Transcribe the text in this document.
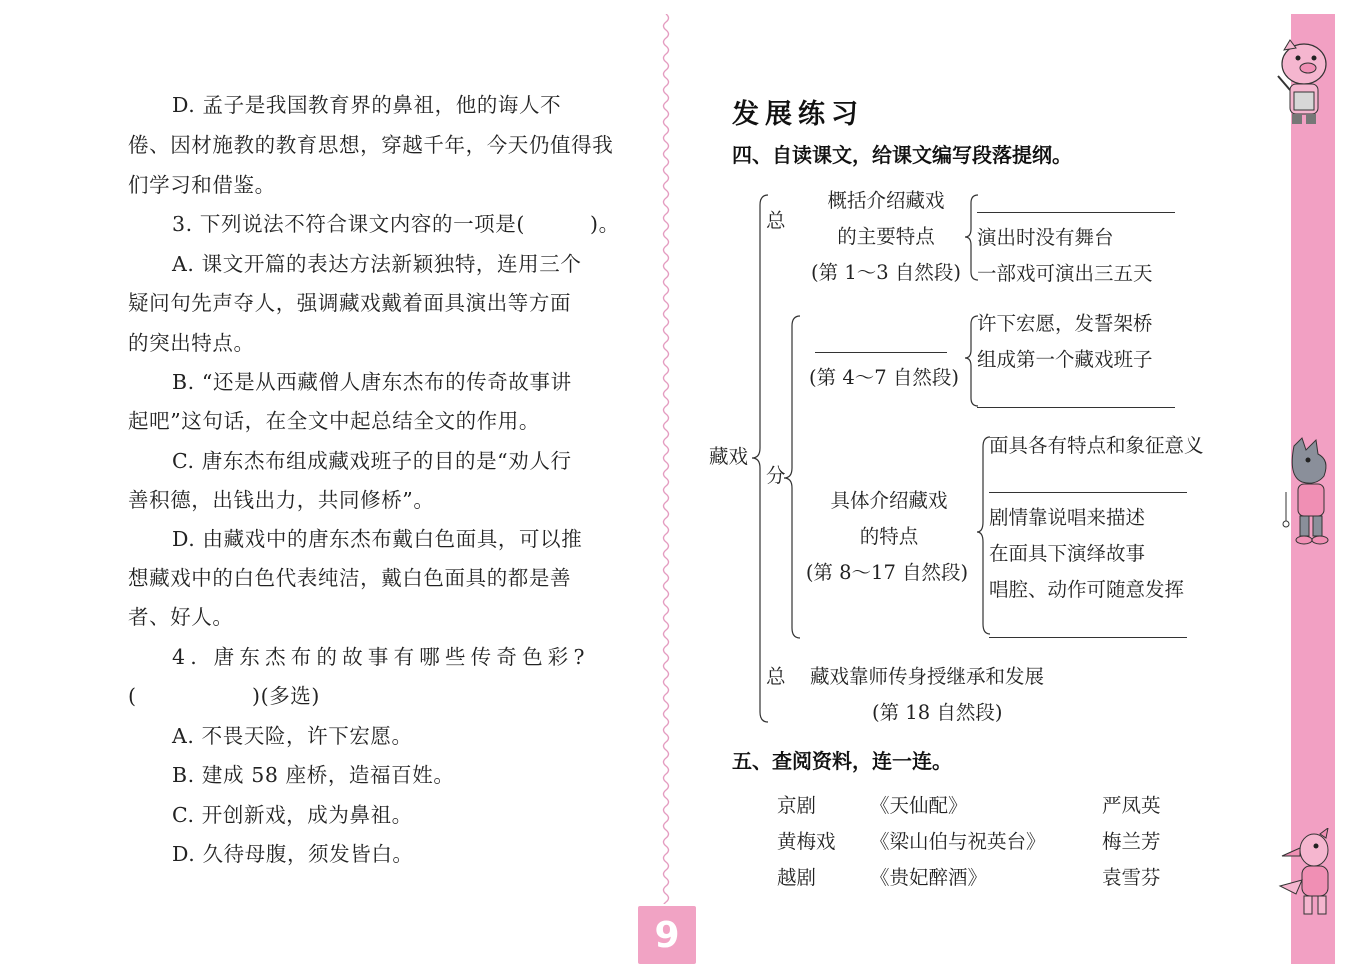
D. 孟子是我国教育界的鼻祖，他的诲人不
倦、因材施教的教育思想，穿越千年，今天仍值得我
们学习和借鉴。
3. 下列说法不符合课文内容的一项是(	)。
A. 课文开篇的表达方法新颖独特，连用三个
疑问句先声夺人，强调藏戏戴着面具演出等方面
的突出特点。
B. “还是从西藏僧人唐东杰布的传奇故事讲
起吧”这句话，在全文中起总结全文的作用。
C. 唐东杰布组成藏戏班子的目的是“劝人行
善积德，出钱出力，共同修桥”。
D. 由藏戏中的唐东杰布戴白色面具，可以推
想藏戏中的白色代表纯洁，戴白色面具的都是善
者、好人。
4. 唐东杰布的故事有哪些传奇色彩?
(	)(多选)
A. 不畏天险，许下宏愿。
B. 建成 58 座桥，造福百姓。
C. 开创新戏，成为鼻祖。
D. 久待母腹，须发皆白。
9
发展练习
四、自读课文，给课文编写段落提纲。
藏戏
总
分
总
概括介绍藏戏
的主要特点
(第 1～3 自然段)
演出时没有舞台
一部戏可演出三五天
(第 4～7 自然段)
许下宏愿，发誓架桥
组成第一个藏戏班子
具体介绍藏戏
的特点
(第 8～17 自然段)
面具各有特点和象征意义
剧情靠说唱来描述
在面具下演绎故事
唱腔、动作可随意发挥
藏戏靠师传身授继承和发展
(第 18 自然段)
五、查阅资料，连一连。
京剧
黄梅戏
越剧
《天仙配》
《梁山伯与祝英台》
《贵妃醉酒》
严凤英
梅兰芳
袁雪芬
